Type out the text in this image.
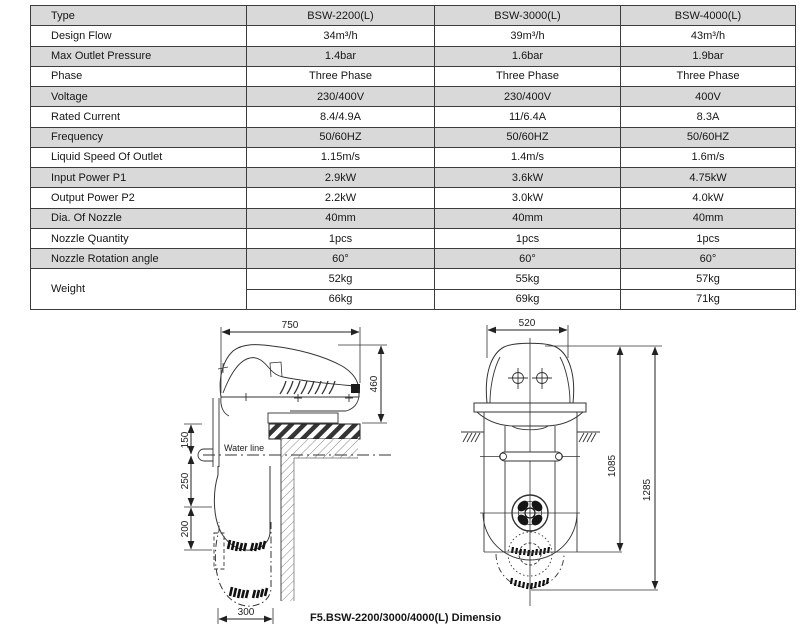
Type	BSW-2200(L)	BSW-3000(L)	BSW-4000(L)
Design Flow	34m³/h	39m³/h	43m³/h
Max Outlet Pressure	1.4bar	1.6bar	1.9bar
Phase	Three Phase	Three Phase	Three Phase
Voltage	230/400V	230/400V	400V
Rated Current	8.4/4.9A	11/6.4A	8.3A
Frequency	50/60HZ	50/60HZ	50/60HZ
Liquid Speed Of Outlet	1.15m/s	1.4m/s	1.6m/s
Input Power P1	2.9kW	3.6kW	4.75kW
Output Power P2	2.2kW	3.0kW	4.0kW
Dia. Of Nozzle	40mm	40mm	40mm
Nozzle Quantity	1pcs	1pcs	1pcs
Nozzle Rotation angle	60°	60°	60°
Weight	52kg	55kg	57kg
	66kg	69kg	71kg
750
460
Water line
150
250
200
300
520
1085
1285
F5.BSW-2200/3000/4000(L) Dimensio
